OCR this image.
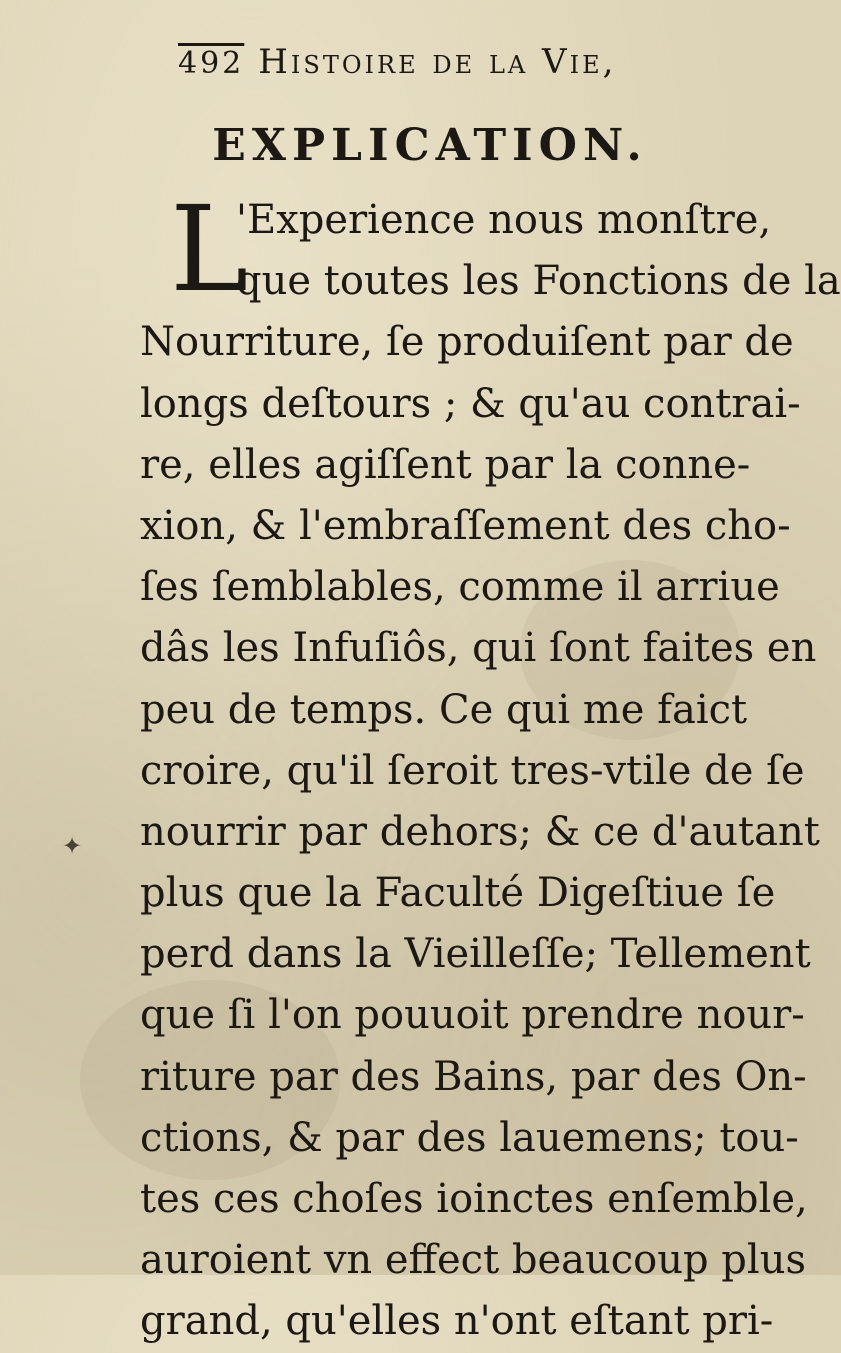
492 Histoire de la Vie,
EXPLICATION.
L
'Experience nous monſtre,
que toutes les Fonctions de la
Nourriture, ſe produiſent par de
longs deſtours ; & qu'au contrai-
re, elles agiſſent par la conne-
xion, & l'embraſſement des cho-
ſes ſemblables, comme il arriue
dâs les Infuſiôs, qui ſont faites en
peu de temps. Ce qui me faict
croire, qu'il ſeroit tres-vtile de ſe
nourrir par dehors; & ce d'autant
plus que la Faculté Digeſtiue ſe
perd dans la Vieilleſſe; Tellement
que ſi l'on pouuoit prendre nour-
riture par des Bains, par des On-
ctions, & par des lauemens; tou-
tes ces choſes ioinctes enſemble,
auroient vn effect beaucoup plus
grand, qu'elles n'ont eſtant pri-
✦
